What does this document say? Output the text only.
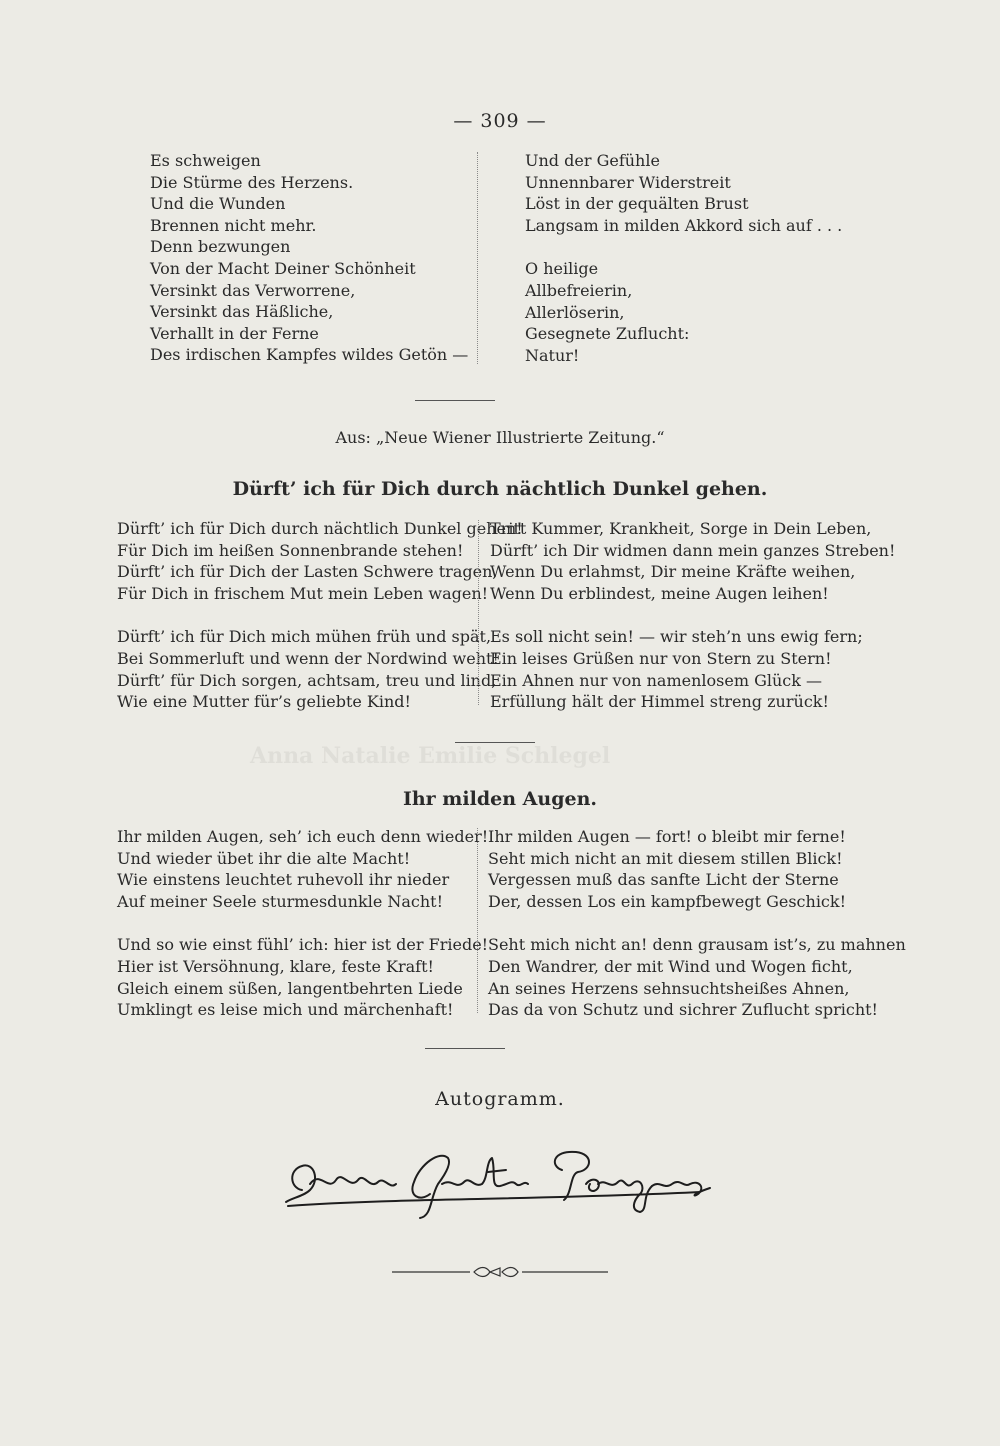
Anna Natalie Emilie Schlegel
— 309 —
Es schweigen
Die Stürme des Herzens.
Und die Wunden
Brennen nicht mehr.
Denn bezwungen
Von der Macht Deiner Schönheit
Versinkt das Verworrene,
Versinkt das Häßliche,
Verhallt in der Ferne
Des irdischen Kampfes wildes Getön —
Und der Gefühle
Unnennbarer Widerstreit
Löst in der gequälten Brust
Langsam in milden Akkord sich auf . . .
O heilige
Allbefreierin,
Allerlöserin,
Gesegnete Zuflucht:
Natur!
Aus: „Neue Wiener Illustrierte Zeitung.“
Dürft’ ich für Dich durch nächtlich Dunkel gehen.
Dürft’ ich für Dich durch nächtlich Dunkel gehen!
Für Dich im heißen Sonnenbrande stehen!
Dürft’ ich für Dich der Lasten Schwere tragen,
Für Dich in frischem Mut mein Leben wagen!
Dürft’ ich für Dich mich mühen früh und spät,
Bei Sommerluft und wenn der Nordwind weht!
Dürft’ für Dich sorgen, achtsam, treu und lind,
Wie eine Mutter für’s geliebte Kind!
Tritt Kummer, Krankheit, Sorge in Dein Leben,
Dürft’ ich Dir widmen dann mein ganzes Streben!
Wenn Du erlahmst, Dir meine Kräfte weihen,
Wenn Du erblindest, meine Augen leihen!
Es soll nicht sein! — wir steh’n uns ewig fern;
Ein leises Grüßen nur von Stern zu Stern!
Ein Ahnen nur von namenlosem Glück —
Erfüllung hält der Himmel streng zurück!
Ihr milden Augen.
Ihr milden Augen, seh’ ich euch denn wieder!
Und wieder übet ihr die alte Macht!
Wie einstens leuchtet ruhevoll ihr nieder
Auf meiner Seele sturmesdunkle Nacht!
Und so wie einst fühl’ ich: hier ist der Friede!
Hier ist Versöhnung, klare, feste Kraft!
Gleich einem süßen, langentbehrten Liede
Umklingt es leise mich und märchenhaft!
Ihr milden Augen — fort! o bleibt mir ferne!
Seht mich nicht an mit diesem stillen Blick!
Vergessen muß das sanfte Licht der Sterne
Der, dessen Los ein kampfbewegt Geschick!
Seht mich nicht an! denn grausam ist’s, zu mahnen
Den Wandrer, der mit Wind und Wogen ficht,
An seines Herzens sehnsuchtsheißes Ahnen,
Das da von Schutz und sichrer Zuflucht spricht!
Autogramm.
